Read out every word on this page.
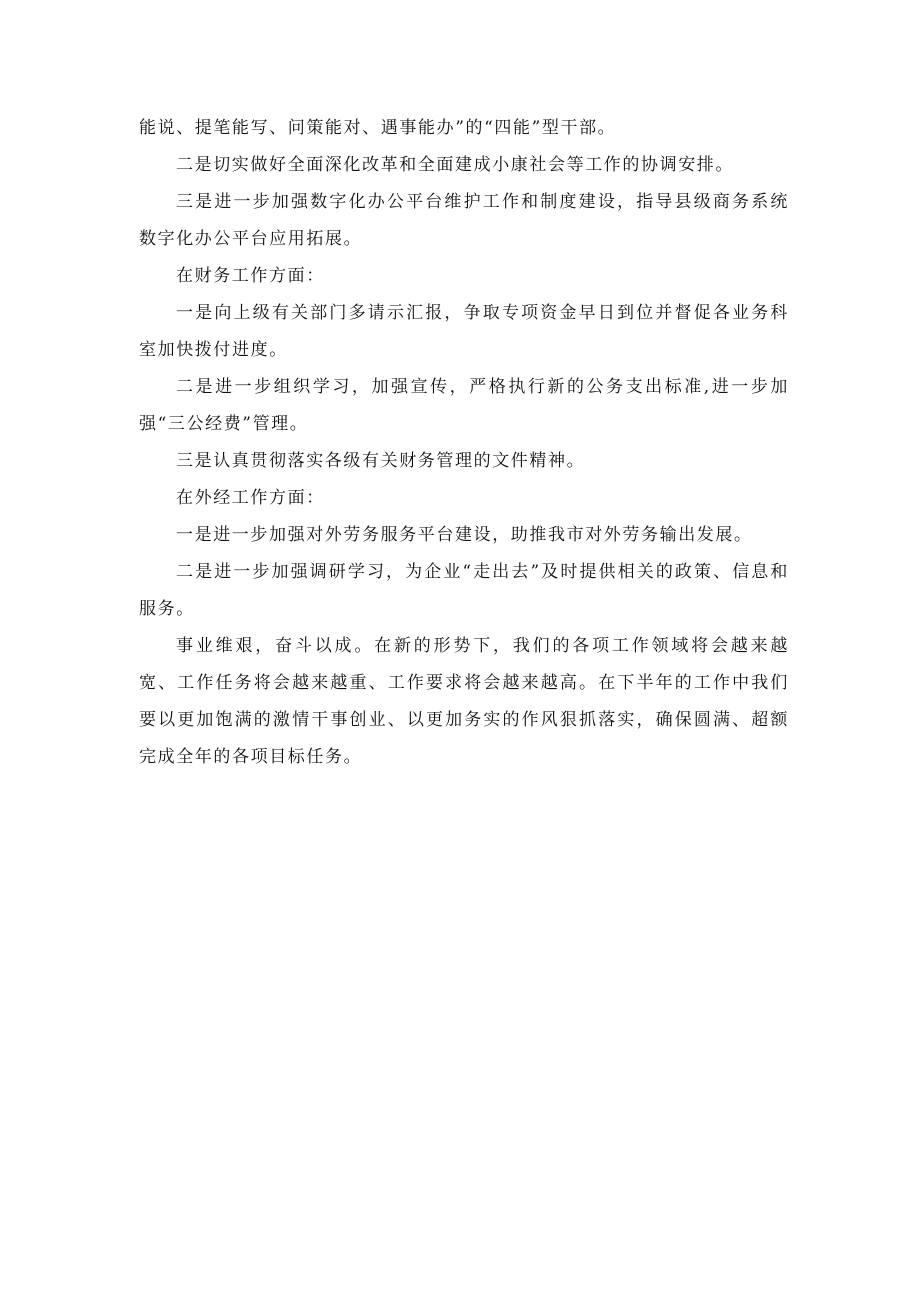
能说、提笔能写、问策能对、遇事能办”的“四能”型干部。

二是切实做好全面深化改革和全面建成小康社会等工作的协调安排。

三是进一步加强数字化办公平台维护工作和制度建设，指导县级商务系统数字化办公平台应用拓展。

在财务工作方面：

一是向上级有关部门多请示汇报，争取专项资金早日到位并督促各业务科室加快拨付进度。

二是进一步组织学习，加强宣传，严格执行新的公务支出标准,进一步加强“三公经费”管理。

三是认真贯彻落实各级有关财务管理的文件精神。

在外经工作方面：

一是进一步加强对外劳务服务平台建设，助推我市对外劳务输出发展。

二是进一步加强调研学习，为企业“走出去”及时提供相关的政策、信息和服务。

事业维艰，奋斗以成。在新的形势下，我们的各项工作领域将会越来越宽、工作任务将会越来越重、工作要求将会越来越高。在下半年的工作中我们要以更加饱满的激情干事创业、以更加务实的作风狠抓落实，确保圆满、超额完成全年的各项目标任务。
